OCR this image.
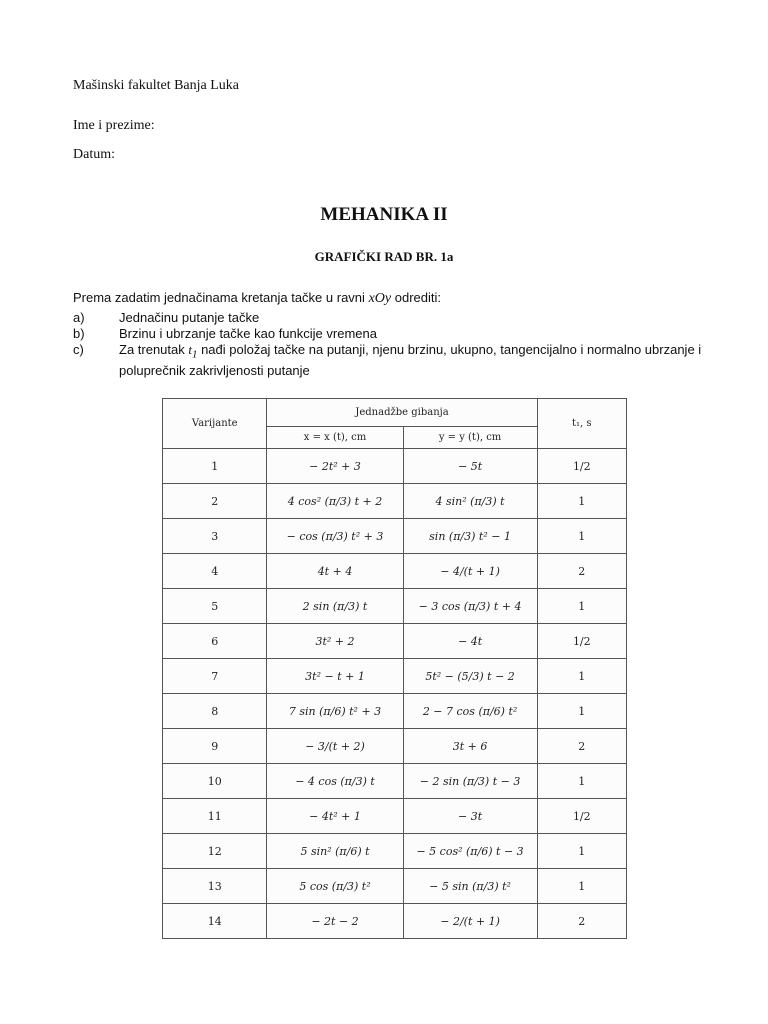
Mašinski fakultet Banja Luka
Ime i prezime:
Datum:
MEHANIKA II
GRAFIČKI RAD BR. 1a
Prema zadatim jednačinama kretanja tačke u ravni xOy odrediti:
a)	Jednačinu putanje tačke
b)	Brzinu i ubrzanje tačke kao funkcije vremena
c)	Za trenutak $t_1$ nađi položaj tačke na putanji, njenu brzinu, ukupno, tangencijalno i normalno ubrzanje i poluprečnik zakrivljenosti putanje
Varijante	Jednadžbe gibanja		t₁, s
	x = x (t), cm	y = y (t), cm	
1	− 2t² + 3	− 5t	1/2
2	4 cos² (π/3) t + 2	4 sin² (π/3) t	1
3	− cos (π/3) t² + 3	sin (π/3) t² − 1	1
4	4t + 4	− 4/(t + 1)	2
5	2 sin (π/3) t	− 3 cos (π/3) t + 4	1
6	3t² + 2	− 4t	1/2
7	3t² − t + 1	5t² − (5/3) t − 2	1
8	7 sin (π/6) t² + 3	2 − 7 cos (π/6) t²	1
9	− 3/(t + 2)	3t + 6	2
10	− 4 cos (π/3) t	− 2 sin (π/3) t − 3	1
11	− 4t² + 1	− 3t	1/2
12	5 sin² (π/6) t	− 5 cos² (π/6) t − 3	1
13	5 cos (π/3) t²	− 5 sin (π/3) t²	1
14	− 2t − 2	− 2/(t + 1)	2
